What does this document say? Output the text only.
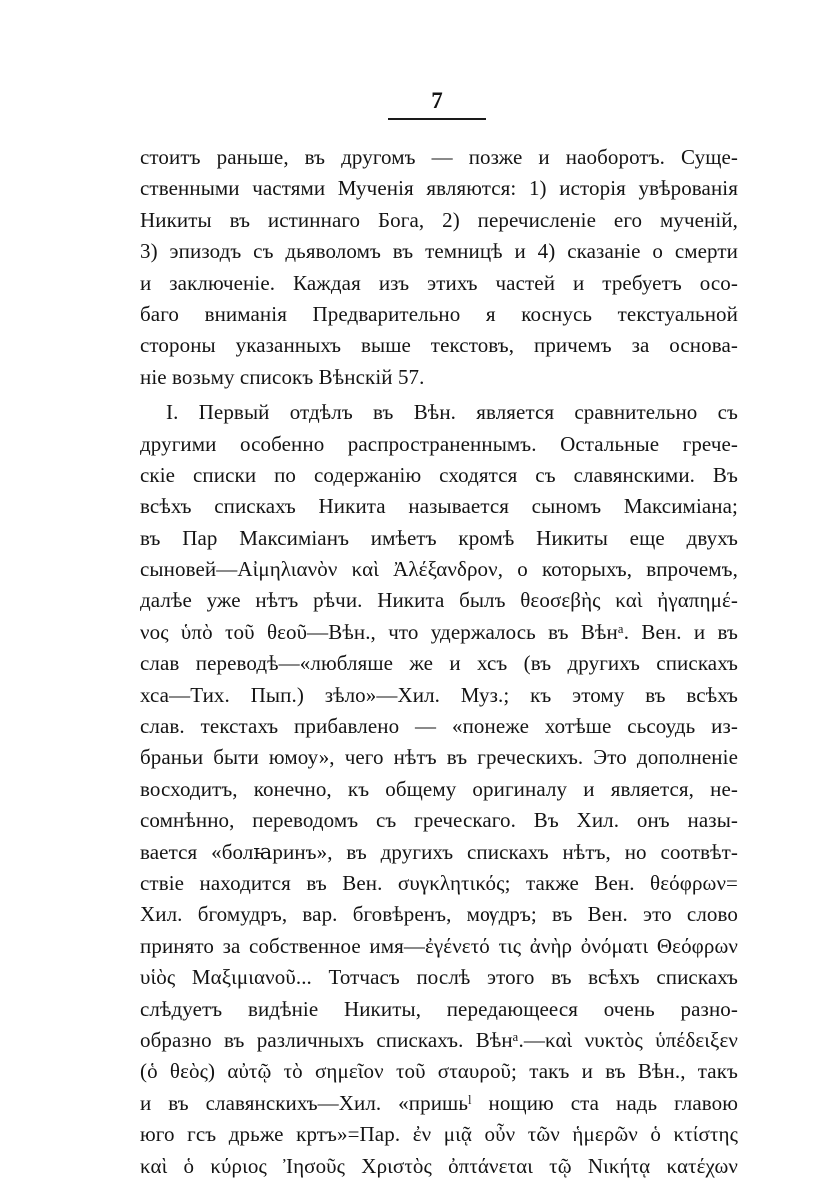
7
стоитъ раньше, въ другомъ — позже и наоборотъ. Суще-
ственными частями Мученія являются: 1) исторія увѣрованія
Никиты въ истиннаго Бога, 2) перечисленіе его мученій,
3) эпизодъ съ дьяволомъ въ темницѣ и 4) сказаніе о смерти
и заключеніе. Каждая изъ этихъ частей и требуетъ осо-
баго вниманія Предварительно я коснусь текстуальной
стороны указанныхъ выше текстовъ, причемъ за основа-
ніе возьму списокъ Вѣнскій 57.
I. Первый отдѣлъ въ Вѣн. является сравнительно съ
другими особенно распространеннымъ. Остальные грече-
скіе списки по содержанію сходятся съ славянскими. Въ
всѣхъ спискахъ Никита называется сыномъ Максиміана;
въ Пар Максиміанъ имѣетъ кромѣ Никиты еще двухъ
сыновей—Αἰμηλιανὸν καὶ Ἀλέξανδρον, о которыхъ, впрочемъ,
далѣе уже нѣтъ рѣчи. Никита былъ θεοσεβὴς καὶ ἠγαπημέ-
νος ὑπὸ τοῦ θεοῦ—Вѣн., что удержалось въ Вѣнᵃ. Вен. и въ
слав переводѣ—«любляше же и хсъ (въ другихъ спискахъ
хса—Тих. Пып.) зѣло»—Хил. Муз.; къ этому въ всѣхъ
слав. текстахъ прибавлено — «понеже хотѣше сьсоудь из-
браньи быти юмоу», чего нѣтъ въ греческихъ. Это дополненіе
восходитъ, конечно, къ общему оригиналу и является, не-
сомнѣнно, переводомъ съ греческаго. Въ Хил. онъ назы-
вается «болꙗринъ», въ другихъ спискахъ нѣтъ, но соотвѣт-
ствіе находится въ Вен. συγκλητικός; также Вен. θεόφρων=
Хил. бгомудръ, вар. бговѣренъ, мѹдръ; въ Вен. это слово
принято за собственное имя—ἐγένετό τις ἀνὴρ ὀνόματι Θεόφρων
υἱὸς Μαξιμιανοῦ... Тотчасъ послѣ этого въ всѣхъ спискахъ
слѣдуетъ видѣніе Никиты, передающееся очень разно-
образно въ различныхъ спискахъ. Вѣнᵃ.—καὶ νυκτὸς ὑπέδειξεν
(ὁ θεὸς) αὐτῷ τὸ σημεῖον τοῦ σταυροῦ; такъ и въ Вѣн., такъ
и въ славянскихъ—Хил. «пришьˡ нощию ста надь главою
юго гсъ дрьже кртъ»=Пар. ἐν μιᾷ οὖν τῶν ἡμερῶν ὁ κτίστης
καὶ ὁ κύριος Ἰησοῦς Χριστὸς ὀπτάνεται τῷ Νικήτᾳ κατέχων
